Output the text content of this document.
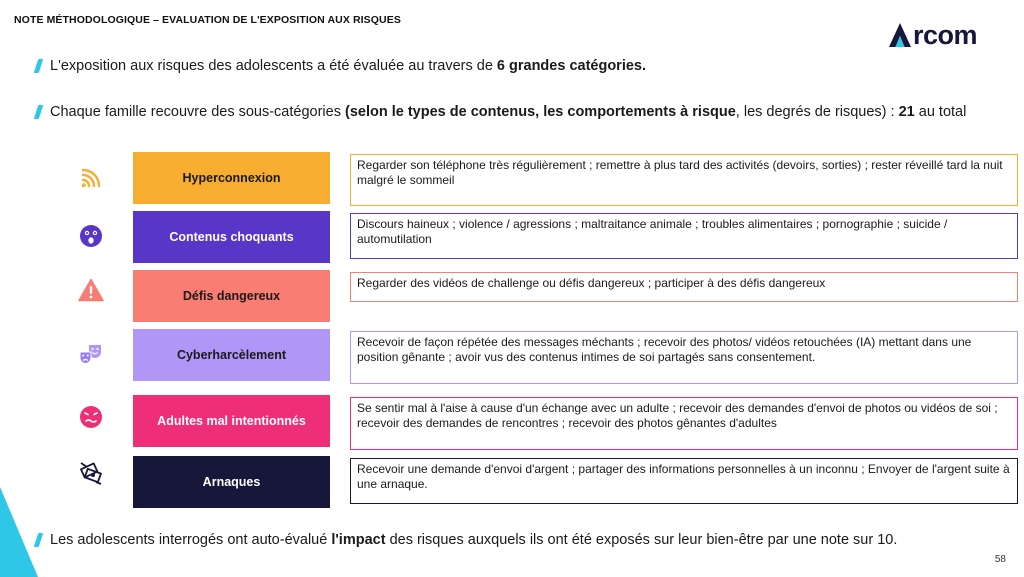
NOTE MÉTHODOLOGIQUE – EVALUATION DE L'EXPOSITION AUX RISQUES	rcom
L'exposition aux risques des adolescents a été évaluée au travers de 6 grandes catégories.
Chaque famille recouvre des sous-catégories (selon le types de contenus, les comportements à risque, les degrés de risques) : 21 au total
Hyperconnexion
Regarder son téléphone très régulièrement ; remettre à plus tard des activités (devoirs, sorties) ; rester réveillé tard la nuit malgré le sommeil
Contenus choquants
Discours haineux ; violence / agressions ; maltraitance animale ; troubles alimentaires ; pornographie ; suicide / automutilation
Défis dangereux
Regarder des vidéos de challenge ou défis dangereux ; participer à des défis dangereux
Cyberharcèlement
Recevoir de façon répétée des messages méchants ; recevoir des photos/ vidéos retouchées (IA) mettant dans une position gênante ; avoir vus des contenus intimes de soi partagés sans consentement.
Adultes mal intentionnés
Se sentir mal à l'aise à cause d'un échange avec un adulte ; recevoir des demandes d'envoi de photos ou vidéos de soi ; recevoir des demandes de rencontres ; recevoir des photos gênantes d'adultes
Arnaques
Recevoir une demande d'envoi d'argent ; partager des informations personnelles à un inconnu ; Envoyer de l'argent suite à une arnaque.
Les adolescents interrogés ont auto-évalué l'impact des risques auxquels ils ont été exposés sur leur bien-être par une note sur 10.
58
